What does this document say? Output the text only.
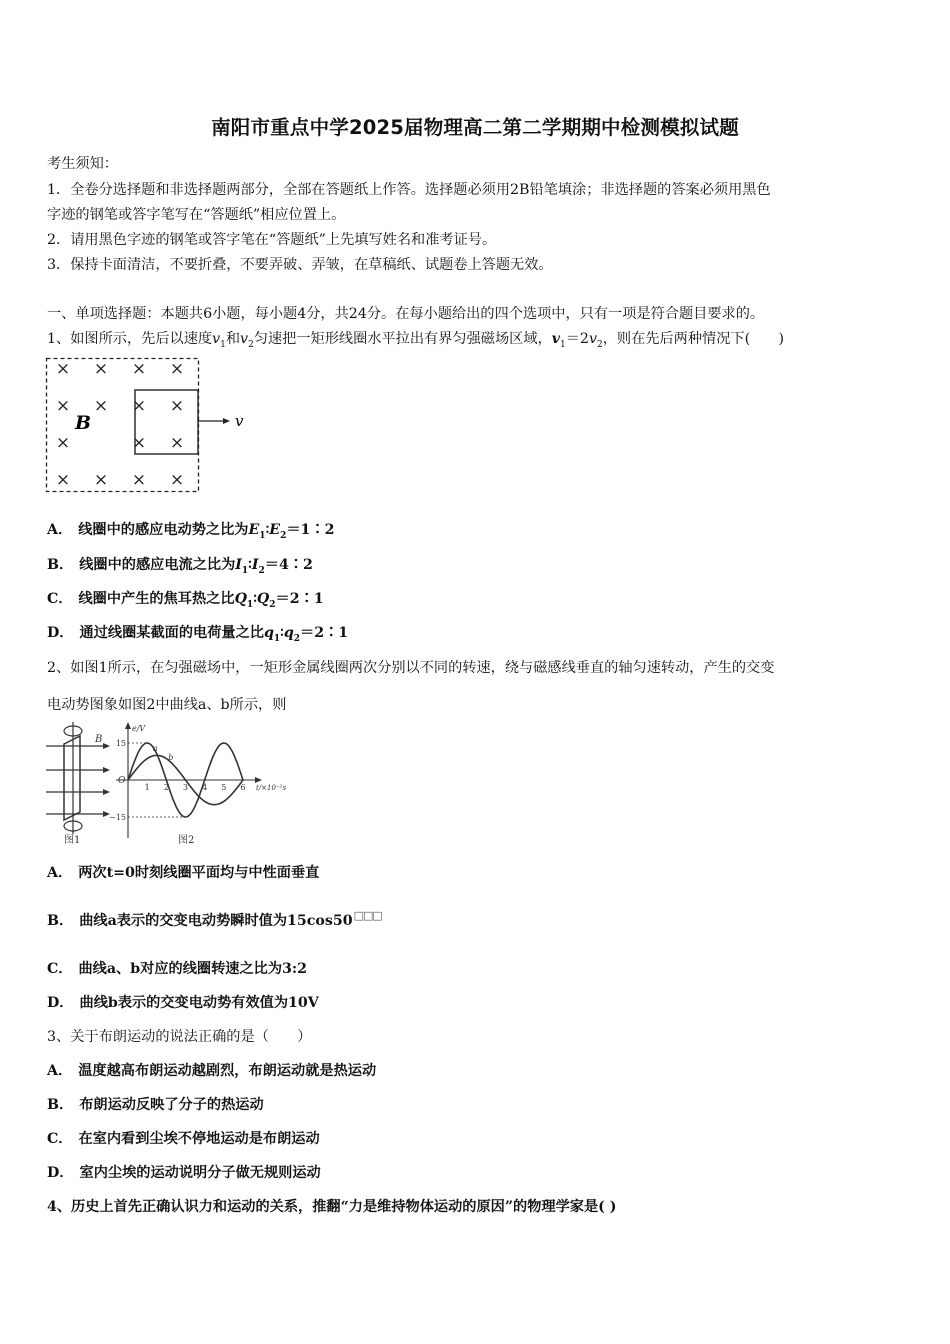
南阳市重点中学2025届物理高二第二学期期中检测模拟试题
考生须知：
1．全卷分选择题和非选择题两部分，全部在答题纸上作答。选择题必须用2B铅笔填涂；非选择题的答案必须用黑色
字迹的钢笔或答字笔写在“答题纸”相应位置上。
2．请用黑色字迹的钢笔或答字笔在“答题纸”上先填写姓名和准考证号。
3．保持卡面清洁，不要折叠，不要弄破、弄皱，在草稿纸、试题卷上答题无效。
一、单项选择题：本题共6小题，每小题4分，共24分。在每小题给出的四个选项中，只有一项是符合题目要求的。
1、如图所示，先后以速度$v_1$和$v_2$匀速把一矩形线圈水平拉出有界匀强磁场区域，$v_1=2v_2$，则在先后两种情况下(　　)
× × × ×
× × × ×
×	× ×
× × × ×
B	v
A． 线圈中的感应电动势之比为$E_1∶E_2=1∶2$
B． 线圈中的感应电流之比为$I_1∶I_2=4∶2$
C． 线圈中产生的焦耳热之比$Q_1∶Q_2=2∶1$
D． 通过线圈某截面的电荷量之比$q_1∶q_2=2∶1$
2、如图1所示，在匀强磁场中，一矩形金属线圈两次分别以不同的转速，绕与磁感线垂直的轴匀速转动，产生的交变
电动势图象如图2中曲线a、b所示，则
B
图1
e/V
t/×10⁻²s
O
15
−15
1 2 3 4 5 6
a
b
图2
A． 两次t=0时刻线圈平面均与中性面垂直
B． 曲线a表示的交变电动势瞬时值为15cos50□□□
C． 曲线a、b对应的线圈转速之比为3:2
D． 曲线b表示的交变电动势有效值为10V
3、关于布朗运动的说法正确的是（　　）
A． 温度越高布朗运动越剧烈，布朗运动就是热运动
B． 布朗运动反映了分子的热运动
C． 在室内看到尘埃不停地运动是布朗运动
D． 室内尘埃的运动说明分子做无规则运动
4、历史上首先正确认识力和运动的关系，推翻“力是维持物体运动的原因”的物理学家是( )
